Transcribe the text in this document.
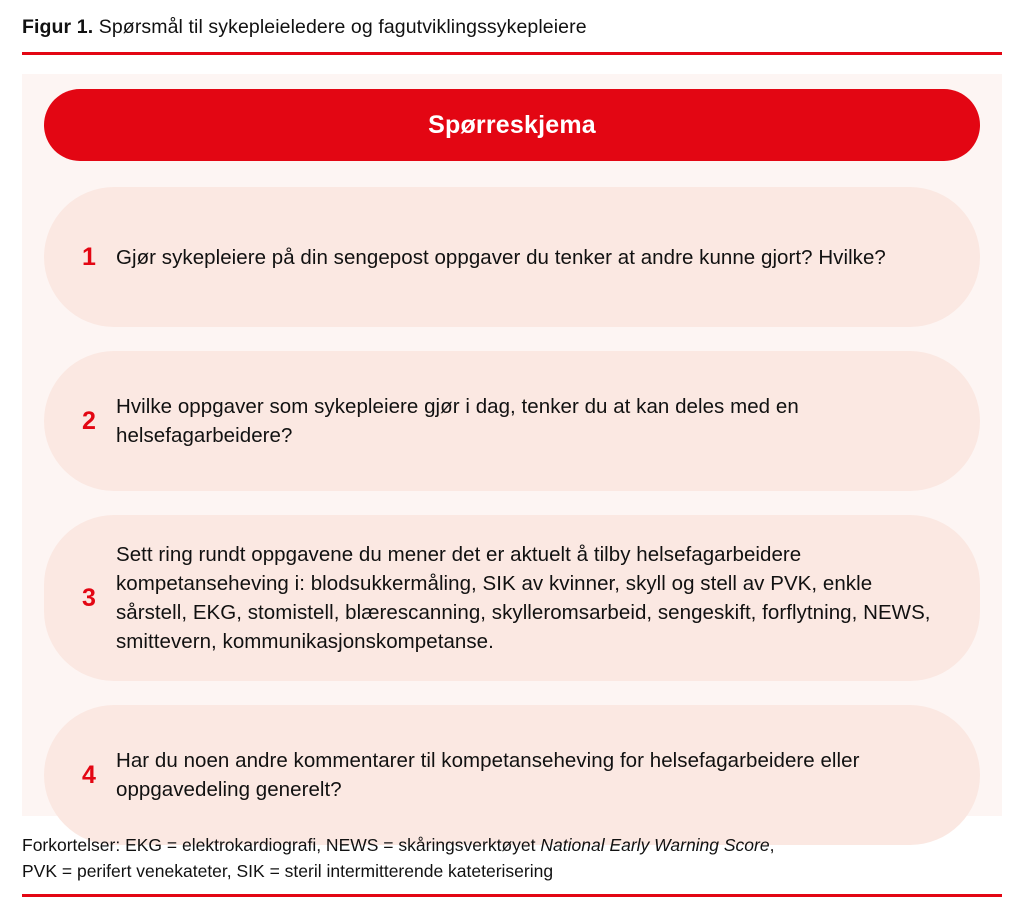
Figur 1. Spørsmål til sykepleieledere og fagutviklingssykepleiere
Spørreskjema
1 Gjør sykepleiere på din sengepost oppgaver du tenker at andre kunne gjort? Hvilke?
2 Hvilke oppgaver som sykepleiere gjør i dag, tenker du at kan deles med en helsefagarbeidere?
3
Sett ring rundt oppgavene du mener det er aktuelt å tilby helsefagarbeidere kompetanseheving i: blodsukkermåling, SIK av kvinner, skyll og stell av PVK, enkle sårstell, EKG, stomistell, blærescanning, skylleromsarbeid, sengeskift, forflytning, NEWS, smittevern, kommunikasjonskompetanse.
4 Har du noen andre kommentarer til kompetanseheving for helsefagarbeidere eller oppgavedeling generelt?
Forkortelser: EKG = elektrokardiografi, NEWS = skåringsverktøyet National Early Warning Score,
PVK = perifert venekateter, SIK = steril intermitterende kateterisering
